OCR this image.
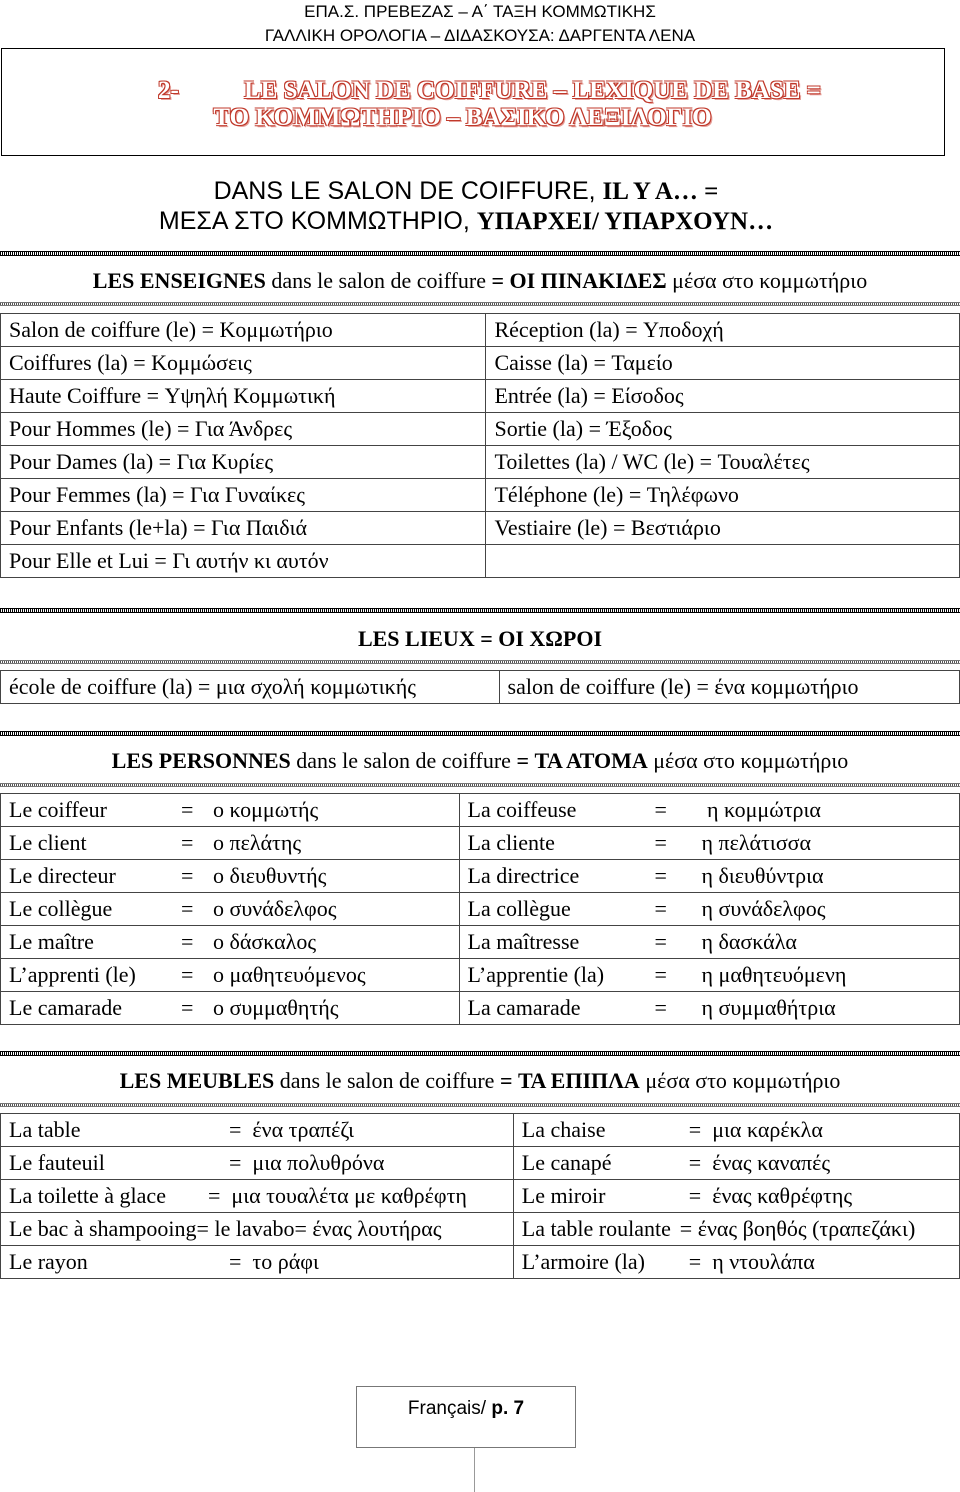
ΕΠΑ.Σ. ΠΡΕΒΕΖΑΣ – Α΄ ΤΑΞΗ ΚΟΜΜΩΤΙΚΗΣ
ΓΑΛΛΙΚΗ ΟΡΟΛΟΓΙΑ – ΔΙΔΑΣΚΟΥΣΑ: ΔΑΡΓΕΝΤΑ ΛΕΝΑ
2-	LE SALON DE COIFFURE – LEXIQUE DE BASE =
ΤΟ ΚΟΜΜΩΤΗΡΙΟ – ΒΑΣΙΚΟ ΛΕΞΙΛΟΓΙΟ
DANS LE SALON DE COIFFURE, IL Y A… =
ΜΕΣΑ ΣΤΟ ΚΟΜΜΩΤΗΡΙΟ, ΥΠΑΡΧΕΙ/ ΥΠΑΡΧΟΥΝ…
LES ENSEIGNES dans le salon de coiffure = ΟΙ ΠΙΝΑΚΙΔΕΣ μέσα στο κομμωτήριο
Salon de coiffure (le) = Κομμωτήριο	Réception (la) = Υποδοχή
Coiffures (la) = Κομμώσεις	Caisse (la) = Ταμείο
Haute Coiffure = Υψηλή Κομμωτική	Entrée (la) = Είσοδος
Pour Hommes (le) = Για Άνδρες	Sortie (la) = Έξοδος
Pour Dames (la) = Για Κυρίες	Toilettes (la) / WC (le) = Τουαλέτες
Pour Femmes (la) = Για Γυναίκες	Téléphone (le) = Τηλέφωνο
Pour Enfants (le+la) = Για Παιδιά	Vestiaire (le) = Βεστιάριο
Pour Elle et Lui = Γι αυτήν κι αυτόν	
LES LIEUX = ΟΙ ΧΩΡΟΙ
école de coiffure (la) = μια σχολή κομμωτικής	salon de coiffure (le) = ένα κομμωτήριο
LES PERSONNES dans le salon de coiffure = ΤΑ ΑΤΟΜΑ μέσα στο κομμωτήριο
Le coiffeur = ο κομμωτής	La coiffeuse = η κομμώτρια

Le client = ο πελάτης	La cliente = η πελάτισσα

Le directeur = ο διευθυντής	La directrice = η διευθύντρια

Le collègue = ο συνάδελφος	La collègue = η συνάδελφος

Le maître = ο δάσκαλος	La maîtresse = η δασκάλα

L’apprenti (le) = ο μαθητευόμενος	L’apprentie (la) = η μαθητευόμενη

Le camarade = ο συμμαθητής	La camarade = η συμμαθήτρια
LES MEUBLES dans le salon de coiffure = ΤΑ ΕΠΙΠΛΑ μέσα στο κομμωτήριο
La table =  ένα τραπέζι	La chaise =  μια καρέκλα

Le fauteuil =  μια πολυθρόνα	Le canapé =  ένας καναπές

La toilette à glace =  μια τουαλέτα με καθρέφτη	Le miroir =  ένας καθρέφτης

Le bac à shampooing= le lavabo= ένας λουτήρας	La table roulante = ένας βοηθός (τραπεζάκι)

Le rayon =  το ράφι	L’armoire (la) =  η ντουλάπα
Français/ p. 7
